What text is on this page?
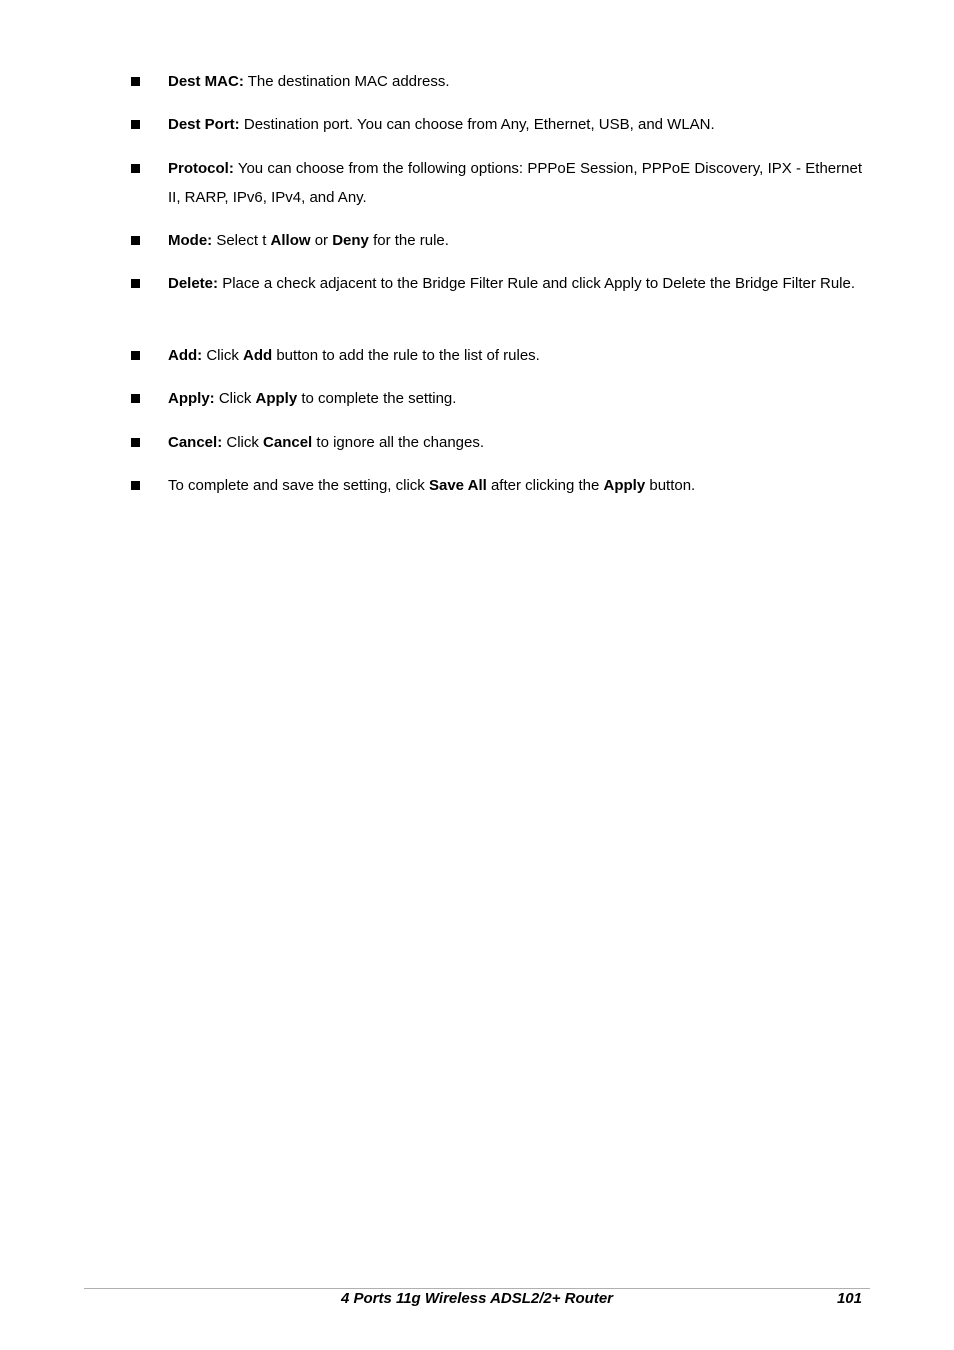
Dest MAC: The destination MAC address.
Dest Port: Destination port. You can choose from Any, Ethernet, USB, and WLAN.
Protocol: You can choose from the following options: PPPoE Session, PPPoE Discovery, IPX - Ethernet II, RARP, IPv6, IPv4, and Any.
Mode: Select t Allow or Deny for the rule.
Delete: Place a check adjacent to the Bridge Filter Rule and click Apply to Delete the Bridge Filter Rule.
Add: Click Add button to add the rule to the list of rules.
Apply: Click Apply to complete the setting.
Cancel: Click Cancel to ignore all the changes.
To complete and save the setting, click Save All after clicking the Apply button.
4 Ports 11g Wireless ADSL2/2+ Router	101
